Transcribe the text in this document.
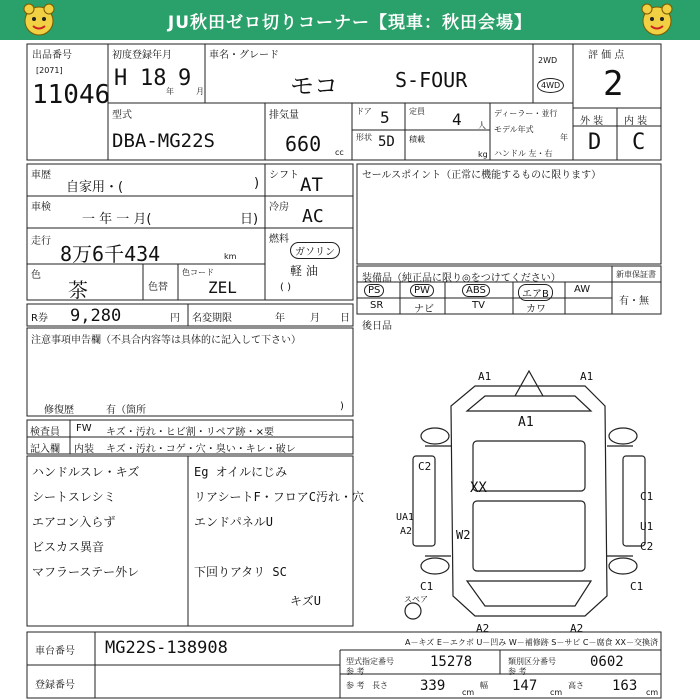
JU秋田ゼロ切りコーナー【現車：秋田会場】
出品番号
[2071]
11046
初度登録年月
H 18
年
9
月
車名・グレード
モコ	S-FOUR
2WD
4WD
評 価 点
2
外 装 内 装
D C
型式
DBA-MG22S
排気量
660 cc
ドア 5
形状 5D
定員 4 人
積載
kg
ディーラー・並行
モデル年式
年
ハンドル 左・右
車歴
自家用・(	)
シフト AT
車検
一 年 一 月(	日)
冷房 AC
走行
8万6千434	km
燃料
ガソリン
軽 油
( )
色
茶	色替
色コード
ZEL
セールスポイント（正常に機能するものに限ります）
装備品（純正品に限り◎をつけてください）	新車保証書
有・無
PS	PW	ABS	エアB	AW
SR	ナビ	TV	カワ
後日品
R券 9,280	円 名変期限	年	月 日
注意事項申告欄（不具合内容等は具体的に記入して下さい）
修復歴	有（箇所	)
検査員
記入欄
FW キズ・汚れ・ヒビ割・リペア跡・×要
内装 キズ・汚れ・コゲ・穴・臭い・キレ・破レ
ハンドルスレ・キズ
シートスレシミ
エアコン入らず
ビスカス異音
マフラーステー外レ
Eg オイルにじみ
リアシートF・フロアC汚れ・穴
エンドパネルU
下回りアタリ SC
キズU
A1	A1
A1
C2
XX
C1
UA1
A2	U1
W2
C2
C1	C1
A2	A2
スペア
A－キズ E－エクボ U－凹み W－補修跡 S－サビ C－腐食 XX－交換済
車台番号 MG22S-138908
登録番号
型式指定番号
参 考
15278	類別区分番号
参 考
0602
参 考 長さ 339 cm
幅 147 cm
高さ 163 cm
